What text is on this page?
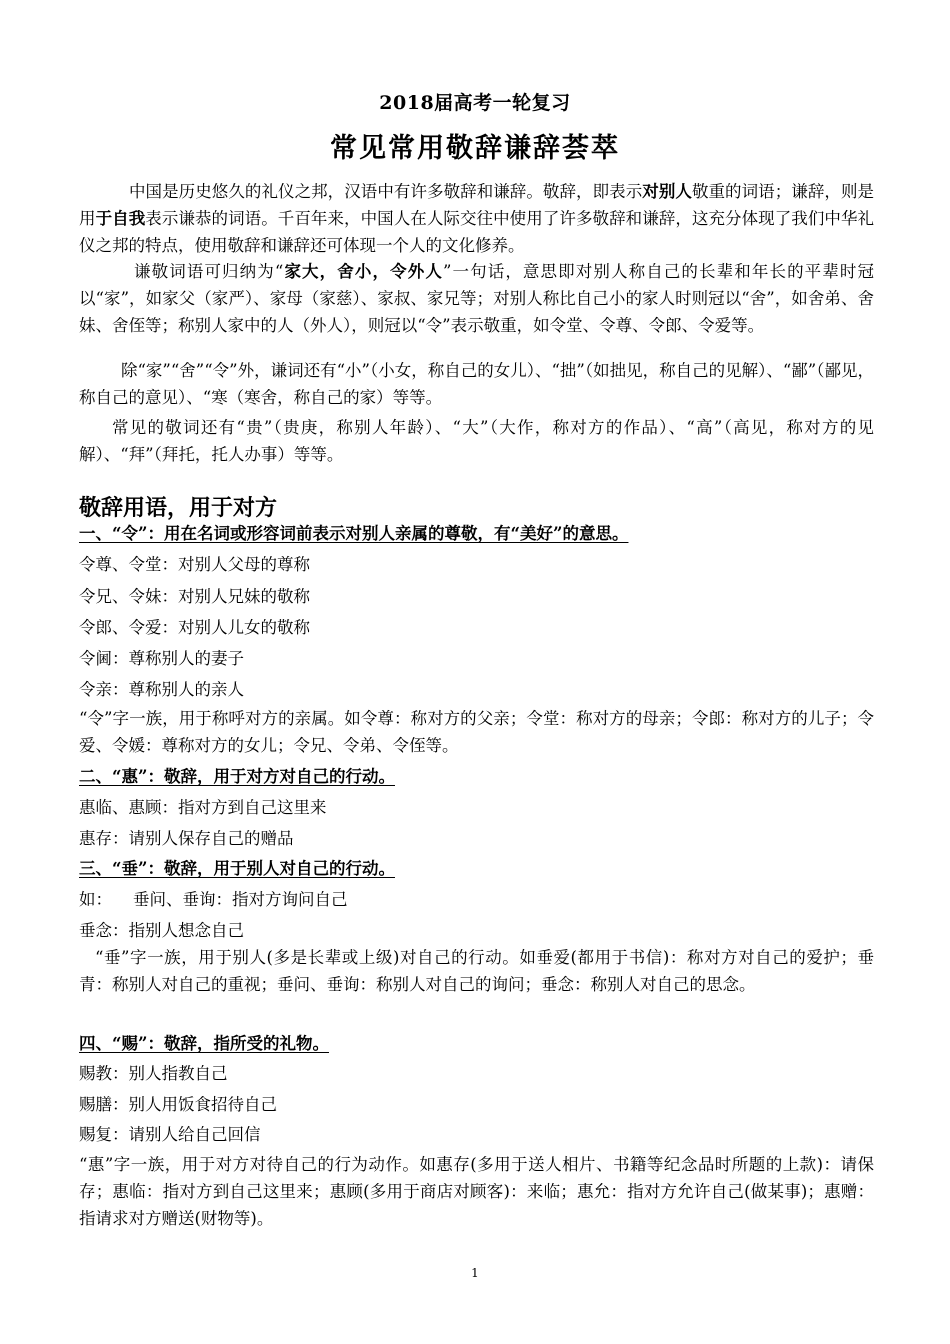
2018届高考一轮复习
常见常用敬辞谦辞荟萃

中国是历史悠久的礼仪之邦，汉语中有许多敬辞和谦辞。敬辞，即表示对别人敬重的词语；谦辞，则是用于自我表示谦恭的词语。千百年来，中国人在人际交往中使用了许多敬辞和谦辞，这充分体现了我们中华礼仪之邦的特点，使用敬辞和谦辞还可体现一个人的文化修养。

谦敬词语可归纳为“家大，舍小，令外人”一句话，意思即对别人称自己的长辈和年长的平辈时冠以“家”，如家父（家严）、家母（家慈）、家叔、家兄等；对别人称比自己小的家人时则冠以“舍”，如舍弟、舍妹、舍侄等；称别人家中的人（外人），则冠以“令”表示敬重，如令堂、令尊、令郎、令爱等。

除“家”“舍”“令”外，谦词还有“小”（小女，称自己的女儿）、“拙”（如拙见，称自己的见解）、“鄙”（鄙见，称自己的意见）、“寒（寒舍，称自己的家）等等。

常见的敬词还有“贵”（贵庚，称别人年龄）、“大”（大作，称对方的作品）、“高”（高见，称对方的见解）、“拜”（拜托，托人办事）等等。

敬辞用语，用于对方
一、“令”：用在名词或形容词前表示对别人亲属的尊敬，有“美好”的意思。
令尊、令堂：对别人父母的尊称
令兄、令妹：对别人兄妹的敬称
令郎、令爱：对别人儿女的敬称
令阃：尊称别人的妻子
令亲：尊称别人的亲人

“令”字一族，用于称呼对方的亲属。如令尊：称对方的父亲；令堂：称对方的母亲；令郎：称对方的儿子；令爱、令媛：尊称对方的女儿；令兄、令弟、令侄等。

二、“惠”：敬辞，用于对方对自己的行动。
惠临、惠顾：指对方到自己这里来
惠存：请别人保存自己的赠品
三、“垂”：敬辞，用于别人对自己的行动。
如：    垂问、垂询：指对方询问自己
垂念：指别人想念自己

“垂”字一族，用于别人(多是长辈或上级)对自己的行动。如垂爱(都用于书信)：称对方对自己的爱护；垂青：称别人对自己的重视；垂问、垂询：称别人对自己的询问；垂念：称别人对自己的思念。

四、“赐”：敬辞，指所受的礼物。
赐教：别人指教自己
赐膳：别人用饭食招待自己
赐复：请别人给自己回信

“惠”字一族，用于对方对待自己的行为动作。如惠存(多用于送人相片、书籍等纪念品时所题的上款)：请保存；惠临：指对方到自己这里来；惠顾(多用于商店对顾客)：来临；惠允：指对方允许自己(做某事)；惠赠：指请求对方赠送(财物等)。

1
